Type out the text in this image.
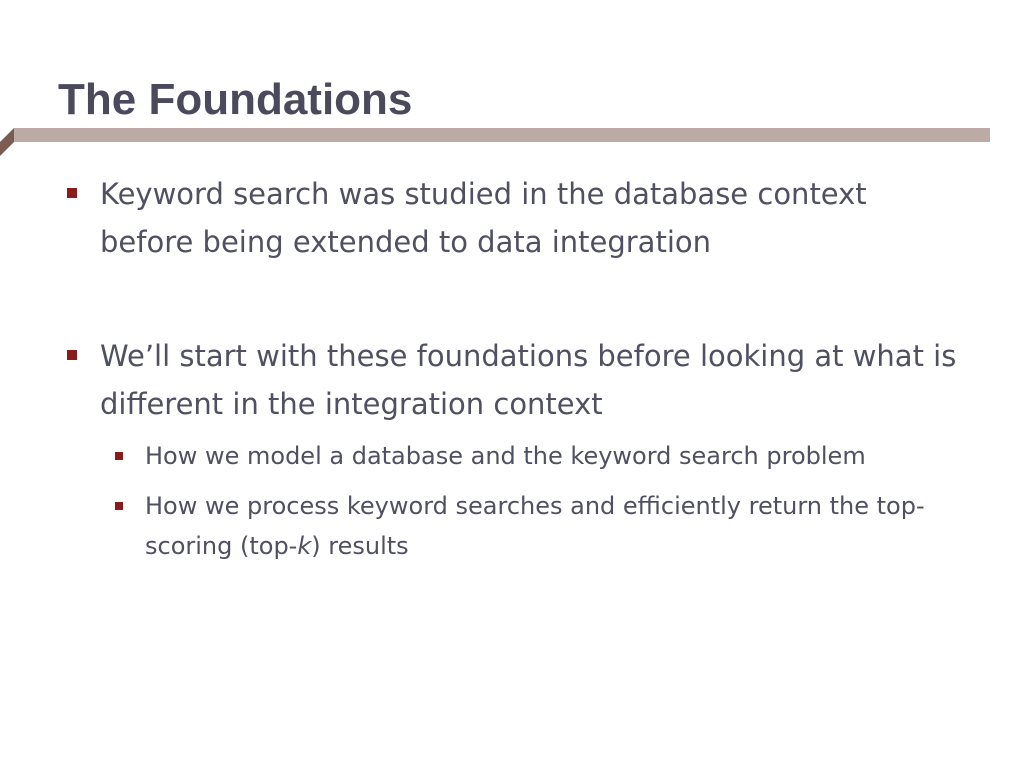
The Foundations
Keyword search was studied in the database context before being extended to data integration
We’ll start with these foundations before looking at what is different in the integration context
How we model a database and the keyword search problem
How we process keyword searches and efficiently return the top-scoring (top-k) results
